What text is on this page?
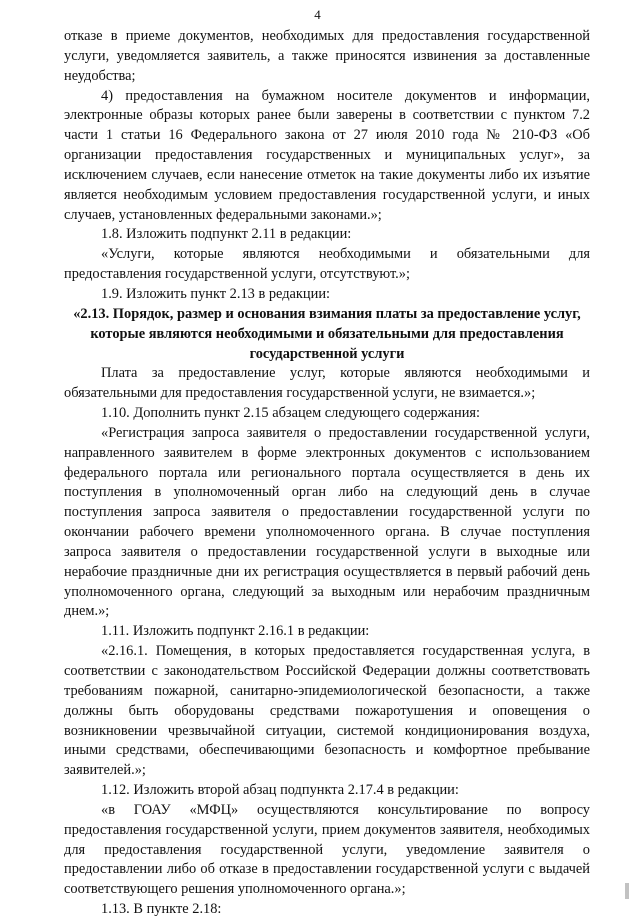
4

отказе в приеме документов, необходимых для предоставления государственной услуги, уведомляется заявитель, а также приносятся извинения за доставленные неудобства;

4) предоставления на бумажном носителе документов и информации, электронные образы которых ранее были заверены в соответствии с пунктом 7.2 части 1 статьи 16 Федерального закона от 27 июля 2010 года № 210-ФЗ «Об организации предоставления государственных и муниципальных услуг», за исключением случаев, если нанесение отметок на такие документы либо их изъятие является необходимым условием предоставления государственной услуги, и иных случаев, установленных федеральными законами.»;

1.8. Изложить подпункт 2.11 в редакции:

«Услуги, которые являются необходимыми и обязательными для предоставления государственной услуги, отсутствуют.»;

1.9. Изложить пункт 2.13 в редакции:

«2.13. Порядок, размер и основания взимания платы за предоставление услуг, которые являются необходимыми и обязательными для предоставления государственной услуги

Плата за предоставление услуг, которые являются необходимыми и обязательными для предоставления государственной услуги, не взимается.»;

1.10. Дополнить пункт 2.15 абзацем следующего содержания:

«Регистрация запроса заявителя о предоставлении государственной услуги, направленного заявителем в форме электронных документов с использованием федерального портала или регионального портала осуществляется в день их поступления в уполномоченный орган либо на следующий день в случае поступления запроса заявителя о предоставлении государственной услуги по окончании рабочего времени уполномоченного органа. В случае поступления запроса заявителя о предоставлении государственной услуги в выходные или нерабочие праздничные дни их регистрация осуществляется в первый рабочий день уполномоченного органа, следующий за выходным или нерабочим праздничным днем.»;

1.11. Изложить подпункт 2.16.1 в редакции:

«2.16.1. Помещения, в которых предоставляется государственная услуга, в соответствии с законодательством Российской Федерации должны соответствовать требованиям пожарной, санитарно-эпидемиологической безопасности, а также должны быть оборудованы средствами пожаротушения и оповещения о возникновении чрезвычайной ситуации, системой кондиционирования воздуха, иными средствами, обеспечивающими безопасность и комфортное пребывание заявителей.»;

1.12. Изложить второй абзац подпункта 2.17.4 в редакции:

«в ГОАУ «МФЦ» осуществляются консультирование по вопросу предоставления государственной услуги, прием документов заявителя, необходимых для предоставления государственной услуги, уведомление заявителя о предоставлении либо об отказе в предоставлении государственной услуги с выдачей соответствующего решения уполномоченного органа.»;

1.13. В пункте 2.18:
